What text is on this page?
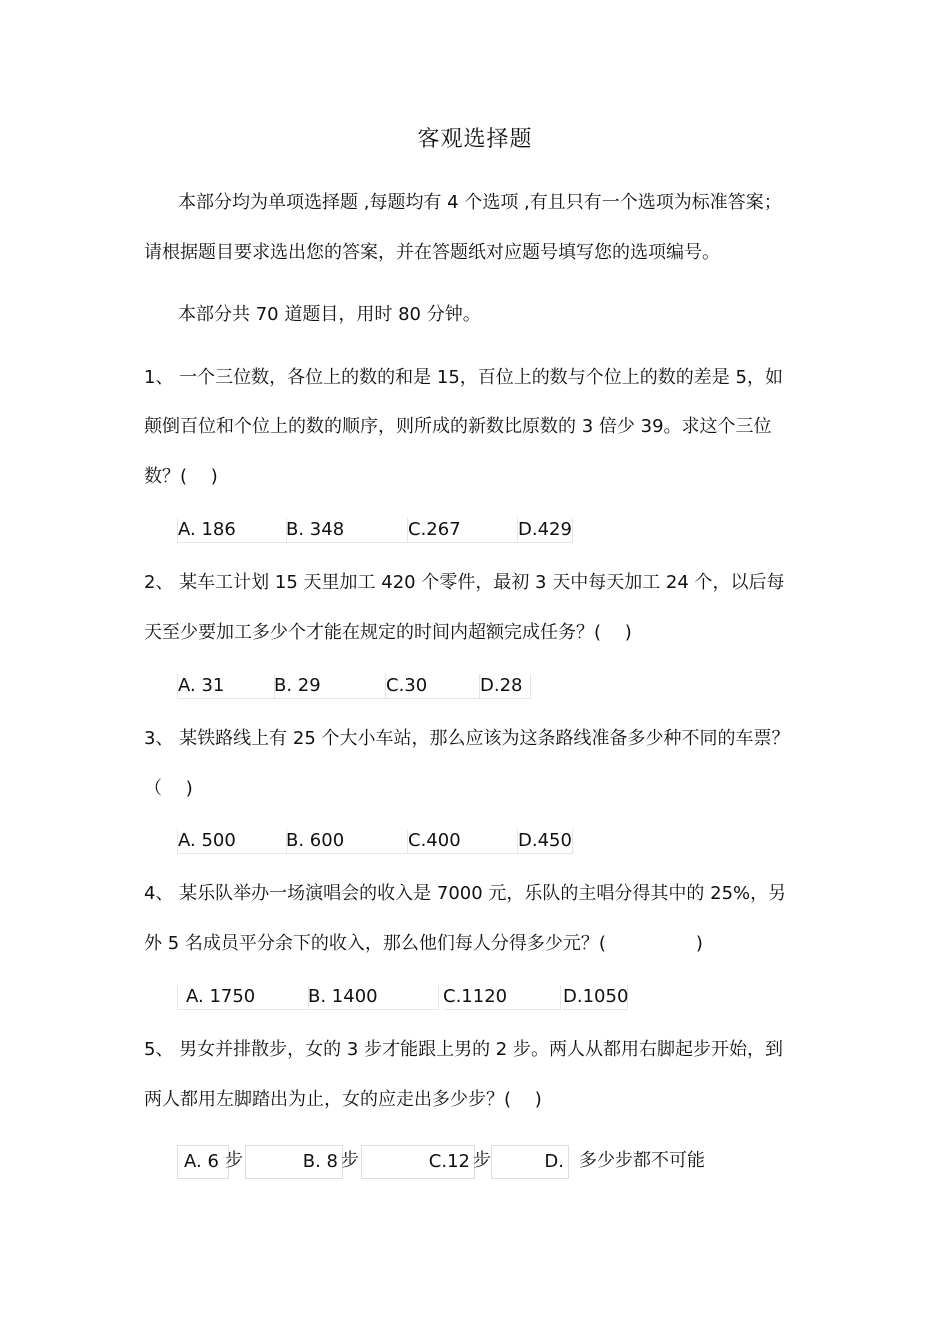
客观选择题
本部分均为单项选择题 ,每题均有 4 个选项 ,有且只有一个选项为标准答案；
请根据题目要求选出您的答案，并在答题纸对应题号填写您的选项编号。
本部分共 70 道题目，用时 80 分钟。
1、 一个三位数，各位上的数的和是 15，百位上的数与个位上的数的差是 5，如
颠倒百位和个位上的数的顺序，则所成的新数比原数的 3 倍少 39。求这个三位
数？(　 )
A. 186	B. 348	C.267	D.429
2、 某车工计划 15 天里加工 420 个零件，最初 3 天中每天加工 24 个，以后每
天至少要加工多少个才能在规定的时间内超额完成任务？(　 )
A. 31	B. 29	C.30	D.28
3、 某铁路线上有 25 个大小车站，那么应该为这条路线准备多少种不同的车票？
（　 )
A. 500	B. 600	C.400	D.450
4、 某乐队举办一场演唱会的收入是 7000 元，乐队的主唱分得其中的 25%，另
外 5 名成员平分余下的收入，那么他们每人分得多少元？(　　　　　)
A. 1750	B. 1400	C.1120	D.1050
5、 男女并排散步，女的 3 步才能跟上男的 2 步。两人从都用右脚起步开始，到
两人都用左脚踏出为止，女的应走出多少步？(　 )
A. 6 步	B. 8 步	C.12 步	D. 多少步都不可能
